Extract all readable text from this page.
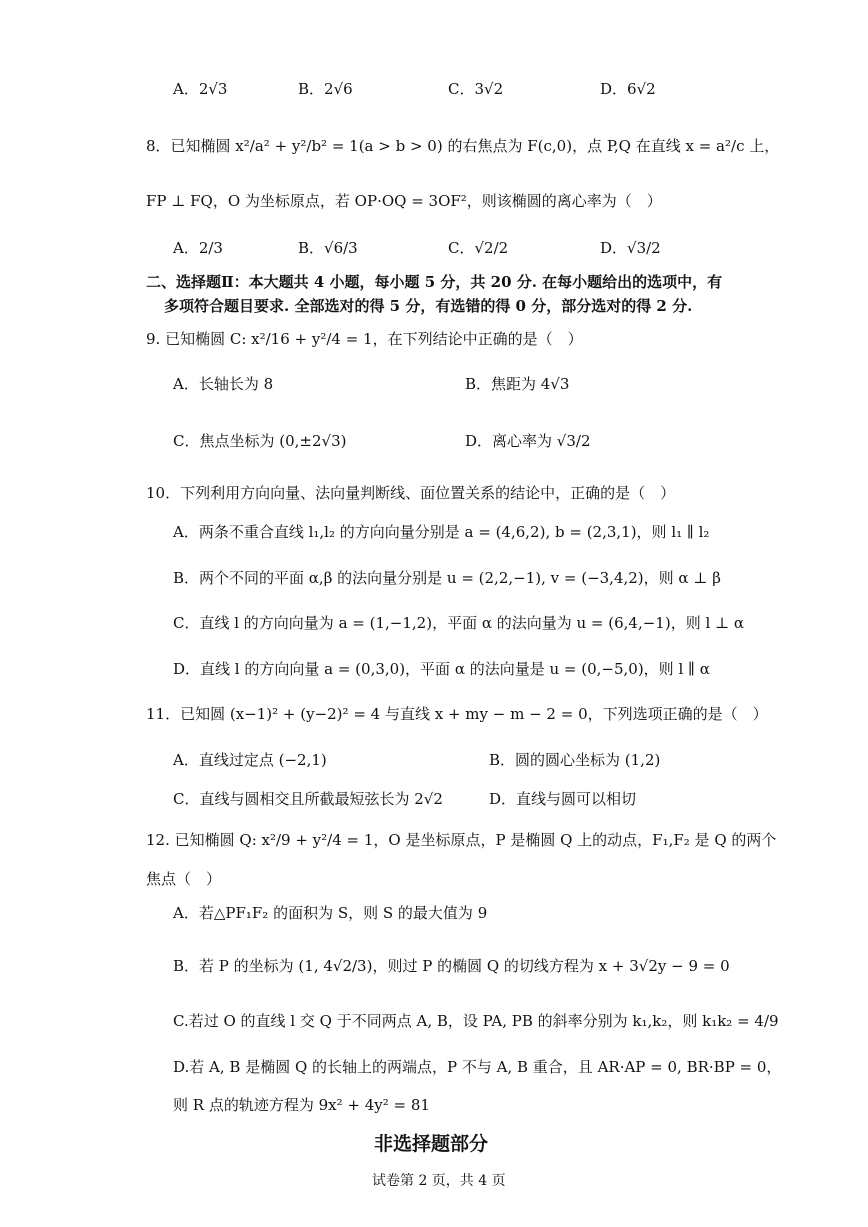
A．2√3	B．2√6	C．3√2	D．6√2
8．已知椭圆 x²/a² + y²/b² = 1(a > b > 0) 的右焦点为 F(c,0)，点 P,Q 在直线 x = a²/c 上，
FP ⊥ FQ，O 为坐标原点，若 OP·OQ = 3OF²，则该椭圆的离心率为（　）
A．2/3	B．√6/3	C．√2/2	D．√3/2
二、选择题Ⅱ：本大题共 4 小题，每小题 5 分，共 20 分. 在每小题给出的选项中，有
多项符合题目要求. 全部选对的得 5 分，有选错的得 0 分，部分选对的得 2 分.
9. 已知椭圆 C: x²/16 + y²/4 = 1，在下列结论中正确的是（　）
A．长轴长为 8	B．焦距为 4√3
C．焦点坐标为 (0,±2√3)	D．离心率为 √3/2
10．下列利用方向向量、法向量判断线、面位置关系的结论中，正确的是（　）
A．两条不重合直线 l₁,l₂ 的方向向量分别是 a = (4,6,2), b = (2,3,1)，则 l₁ ∥ l₂
B．两个不同的平面 α,β 的法向量分别是 u = (2,2,−1), v = (−3,4,2)，则 α ⊥ β
C．直线 l 的方向向量为 a = (1,−1,2)，平面 α 的法向量为 u = (6,4,−1)，则 l ⊥ α
D．直线 l 的方向向量 a = (0,3,0)，平面 α 的法向量是 u = (0,−5,0)，则 l ∥ α
11．已知圆 (x−1)² + (y−2)² = 4 与直线 x + my − m − 2 = 0，下列选项正确的是（　）
A．直线过定点 (−2,1)	B．圆的圆心坐标为 (1,2)
C．直线与圆相交且所截最短弦长为 2√2	D．直线与圆可以相切
12. 已知椭圆 Q: x²/9 + y²/4 = 1，O 是坐标原点，P 是椭圆 Q 上的动点，F₁,F₂ 是 Q 的两个
焦点（　）
A．若△PF₁F₂ 的面积为 S，则 S 的最大值为 9
B．若 P 的坐标为 (1, 4√2/3)，则过 P 的椭圆 Q 的切线方程为 x + 3√2y − 9 = 0
C.若过 O 的直线 l 交 Q 于不同两点 A, B，设 PA, PB 的斜率分别为 k₁,k₂，则 k₁k₂ = 4/9
D.若 A, B 是椭圆 Q 的长轴上的两端点，P 不与 A, B 重合，且 AR·AP = 0, BR·BP = 0，
则 R 点的轨迹方程为 9x² + 4y² = 81
非选择题部分
试卷第 2 页，共 4 页
